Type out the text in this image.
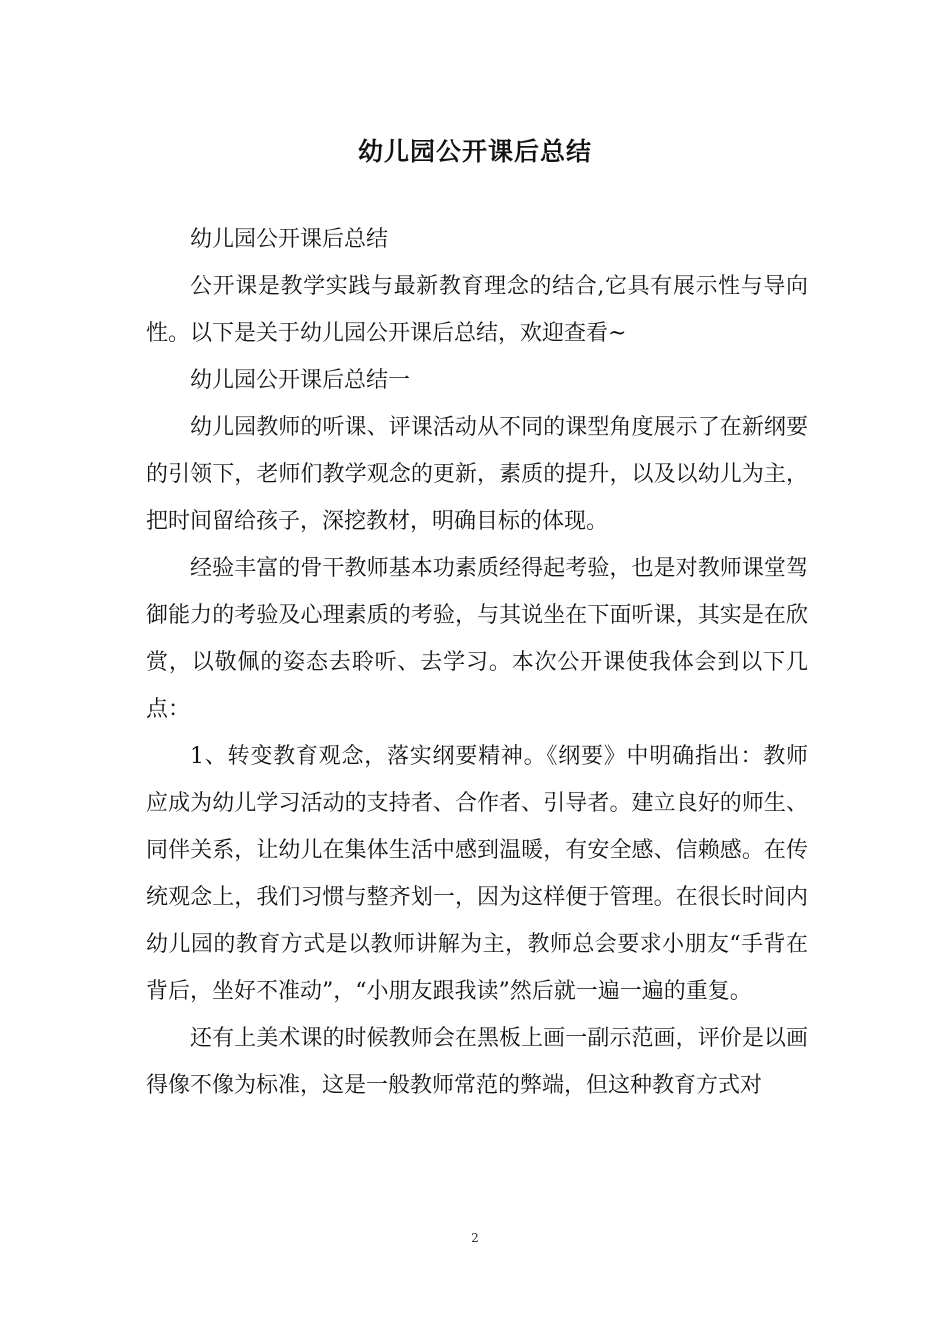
幼儿园公开课后总结

幼儿园公开课后总结

公开课是教学实践与最新教育理念的结合,它具有展示性与导向性。以下是关于幼儿园公开课后总结，欢迎查看~

幼儿园公开课后总结一

幼儿园教师的听课、评课活动从不同的课型角度展示了在新纲要的引领下，老师们教学观念的更新，素质的提升，以及以幼儿为主，把时间留给孩子，深挖教材，明确目标的体现。

经验丰富的骨干教师基本功素质经得起考验，也是对教师课堂驾御能力的考验及心理素质的考验，与其说坐在下面听课，其实是在欣赏，以敬佩的姿态去聆听、去学习。本次公开课使我体会到以下几点：

1、转变教育观念，落实纲要精神。《纲要》中明确指出：教师应成为幼儿学习活动的支持者、合作者、引导者。建立良好的师生、同伴关系，让幼儿在集体生活中感到温暖，有安全感、信赖感。在传统观念上，我们习惯与整齐划一，因为这样便于管理。在很长时间内幼儿园的教育方式是以教师讲解为主，教师总会要求小朋友“手背在背后，坐好不准动”，“小朋友跟我读”然后就一遍一遍的重复。

还有上美术课的时候教师会在黑板上画一副示范画，评价是以画得像不像为标准，这是一般教师常范的弊端，但这种教育方式对

2
